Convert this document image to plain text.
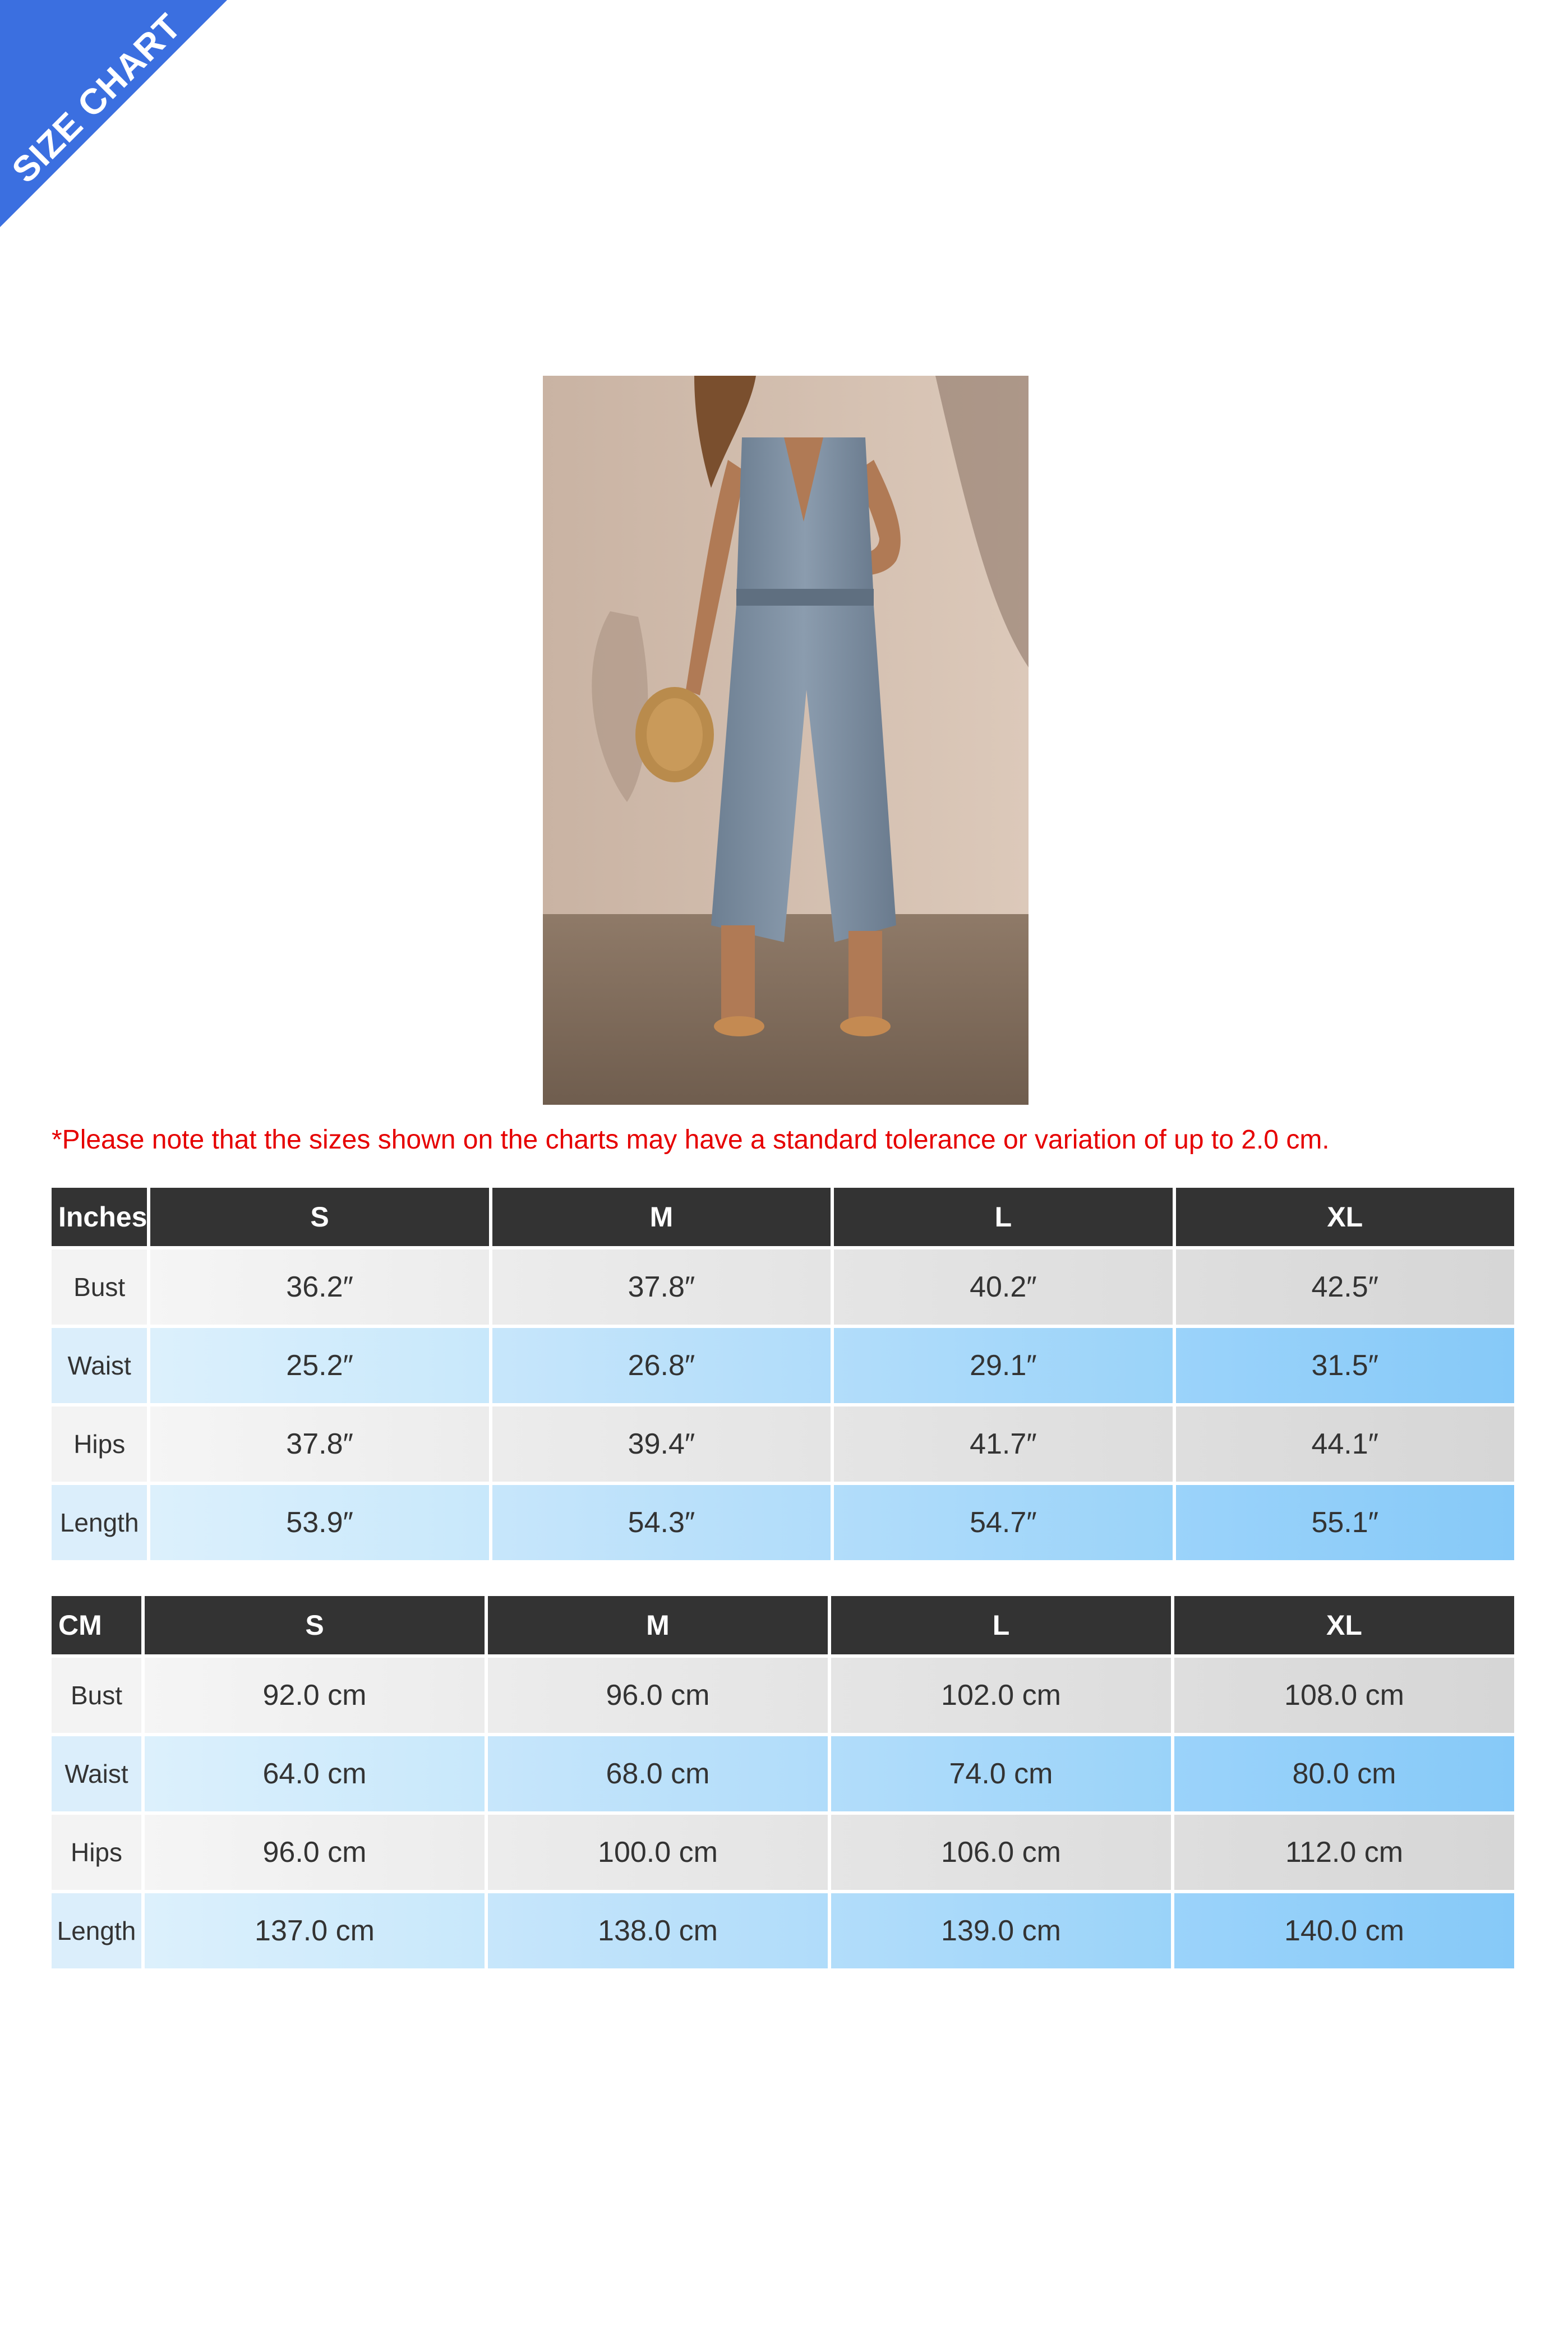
SIZE CHART
*Please note that the sizes shown on the charts may have a standard tolerance or variation of up to 2.0 cm.
Inches	S	M	L	XL
Bust	36.2″	37.8″	40.2″	42.5″
Waist	25.2″	26.8″	29.1″	31.5″
Hips	37.8″	39.4″	41.7″	44.1″
Length	53.9″	54.3″	54.7″	55.1″
CM	S	M	L	XL
Bust	92.0 cm	96.0 cm	102.0 cm	108.0 cm
Waist	64.0 cm	68.0 cm	74.0 cm	80.0 cm
Hips	96.0 cm	100.0 cm	106.0 cm	112.0 cm
Length	137.0 cm	138.0 cm	139.0 cm	140.0 cm
